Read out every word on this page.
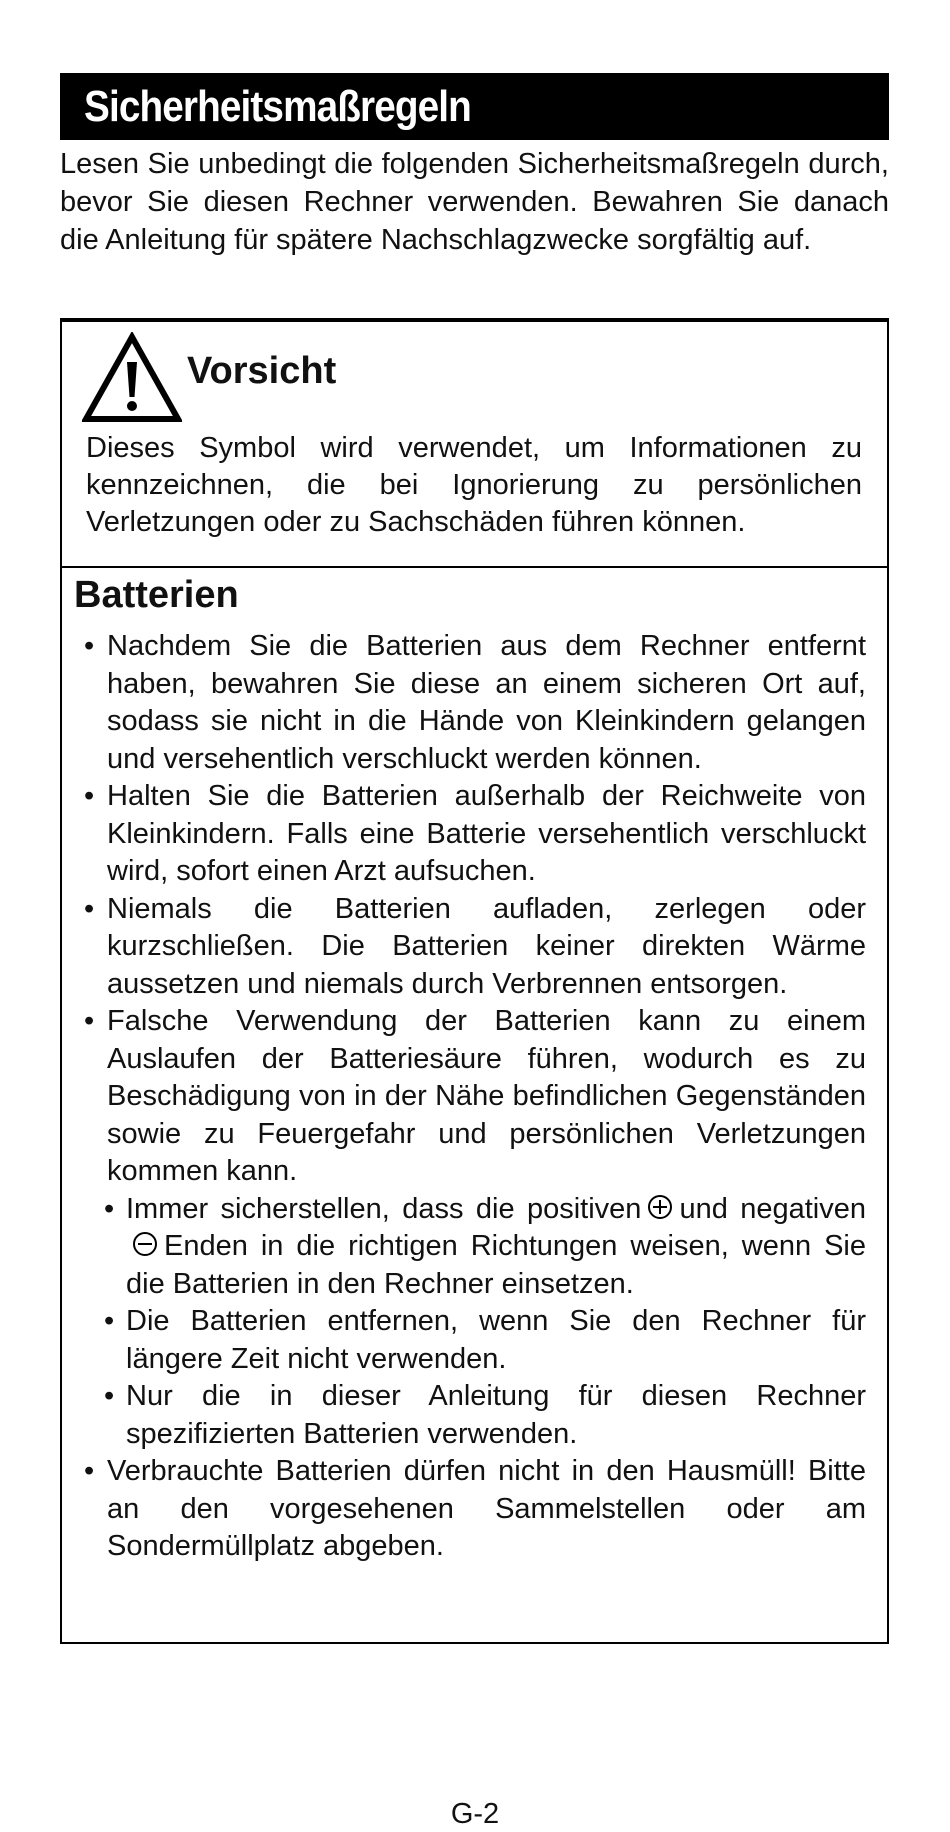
Sicherheitsmaßregeln

Lesen Sie unbedingt die folgenden Sicherheitsmaßregeln durch, bevor Sie diesen Rechner verwenden. Bewahren Sie danach die Anleitung für spätere Nachschlagzwecke sorgfältig auf.

Vorsicht

Dieses Symbol wird verwendet, um Informationen zu kennzeichnen, die bei Ignorierung zu persönlichen Verletzungen oder zu Sachschäden führen können.

Batterien
• Nachdem Sie die Batterien aus dem Rechner entfernt haben, bewahren Sie diese an einem sicheren Ort auf, sodass sie nicht in die Hände von Kleinkindern gelangen und versehentlich verschluckt werden können.
• Halten Sie die Batterien außerhalb der Reichweite von Kleinkindern. Falls eine Batterie versehentlich verschluckt wird, sofort einen Arzt aufsuchen.
• Niemals die Batterien aufladen, zerlegen oder kurzschließen. Die Batterien keiner direkten Wärme aussetzen und niemals durch Verbrennen entsorgen.
• Falsche Verwendung der Batterien kann zu einem Auslaufen der Batteriesäure führen, wodurch es zu Beschädigung von in der Nähe befindlichen Gegenständen sowie zu Feuergefahr und persönlichen Verletzungen kommen kann.
• Immer sicherstellen, dass die positiven und negativenEnden in die richtigen Richtungen weisen, wenn Sie die Batterien in den Rechner einsetzen.
• Die Batterien entfernen, wenn Sie den Rechner für längere Zeit nicht verwenden.
• Nur die in dieser Anleitung für diesen Rechner spezifizierten Batterien verwenden.
• Verbrauchte Batterien dürfen nicht in den Hausmüll! Bitte an den vorgesehenen Sammelstellen oder am Sondermüllplatz abgeben.

G-2
